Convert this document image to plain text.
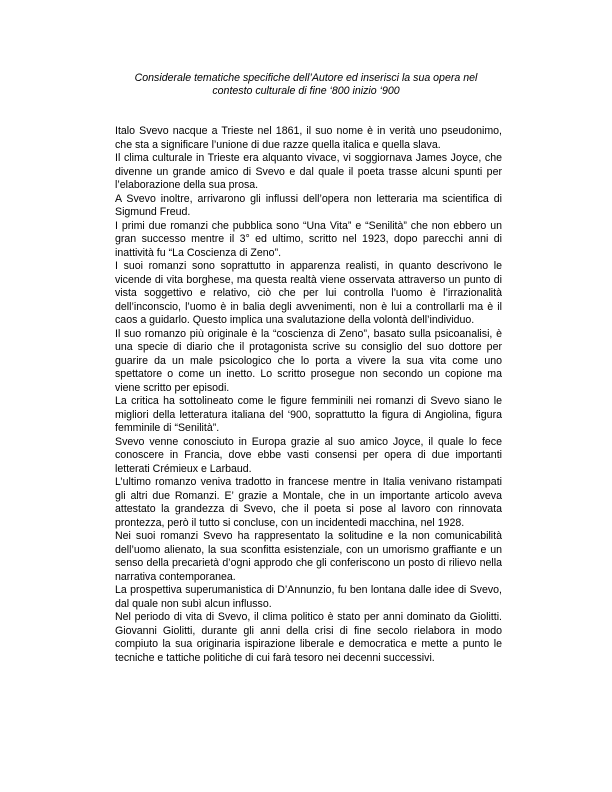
Considerale tematiche specifiche dell’Autore ed inserisci la sua opera nel
contesto culturale di fine ‘800 inizio ‘900

Italo Svevo nacque a Trieste nel 1861, il suo nome è in verità uno pseudonimo, che sta a significare l’unione di due razze quella italica e quella slava.

Il clima culturale in Trieste era alquanto vivace, vi soggiornava James Joyce, che divenne un grande amico di Svevo e dal quale il poeta trasse alcuni spunti per l’elaborazione della sua prosa.

A Svevo inoltre, arrivarono gli influssi dell’opera non letteraria ma scientifica di Sigmund Freud.

I primi due romanzi che pubblica sono “Una Vita” e “Senilità” che non ebbero un gran successo mentre il 3° ed ultimo, scritto nel 1923, dopo parecchi anni di inattività fu “La Coscienza di Zeno”.

I suoi romanzi sono soprattutto in apparenza realisti, in quanto descrivono le vicende di vita borghese, ma questa realtà viene osservata attraverso un punto di vista soggettivo e relativo, ciò che per lui controlla l’uomo è l’irrazionalità dell’inconscio, l’uomo è in balia degli avvenimenti, non è lui a controllarli ma è il caos a guidarlo. Questo implica una svalutazione della volontà dell’individuo.

Il suo romanzo più originale è la “coscienza di Zeno”, basato sulla psicoanalisi, è una specie di diario che il protagonista scrive su consiglio del suo dottore per guarire da un male psicologico che lo porta a vivere la sua vita come uno spettatore o come un inetto. Lo scritto prosegue non secondo un copione ma viene scritto per episodi.

La critica ha sottolineato come le figure femminili nei romanzi di Svevo siano le migliori della letteratura italiana del ‘900, soprattutto la figura di Angiolina, figura femminile di “Senilità”.

Svevo venne conosciuto in Europa grazie al suo amico Joyce, il quale lo fece conoscere in Francia, dove ebbe vasti consensi per opera di due importanti letterati Crémieux e Larbaud.

L’ultimo romanzo veniva tradotto in francese mentre in Italia venivano ristampati gli altri due Romanzi. E’ grazie a Montale, che in un importante articolo aveva attestato la grandezza di Svevo, che il poeta si pose al lavoro con rinnovata prontezza, però il tutto si concluse, con un incidentedi macchina, nel 1928.

Nei suoi romanzi Svevo ha rappresentato la solitudine e la non comunicabilità dell’uomo alienato, la sua sconfitta esistenziale, con un umorismo graffiante e un senso della precarietà d’ogni approdo che gli conferiscono un posto di rilievo nella narrativa contemporanea.

La prospettiva superumanistica di D’Annunzio, fu ben lontana dalle idee di Svevo, dal quale non subì alcun influsso.

Nel periodo di vita di Svevo, il clima politico è stato per anni dominato da Giolitti. Giovanni Giolitti, durante gli anni della crisi di fine secolo rielabora in modo compiuto la sua originaria ispirazione liberale e democratica e mette a punto le tecniche e tattiche politiche di cui farà tesoro nei decenni successivi.
